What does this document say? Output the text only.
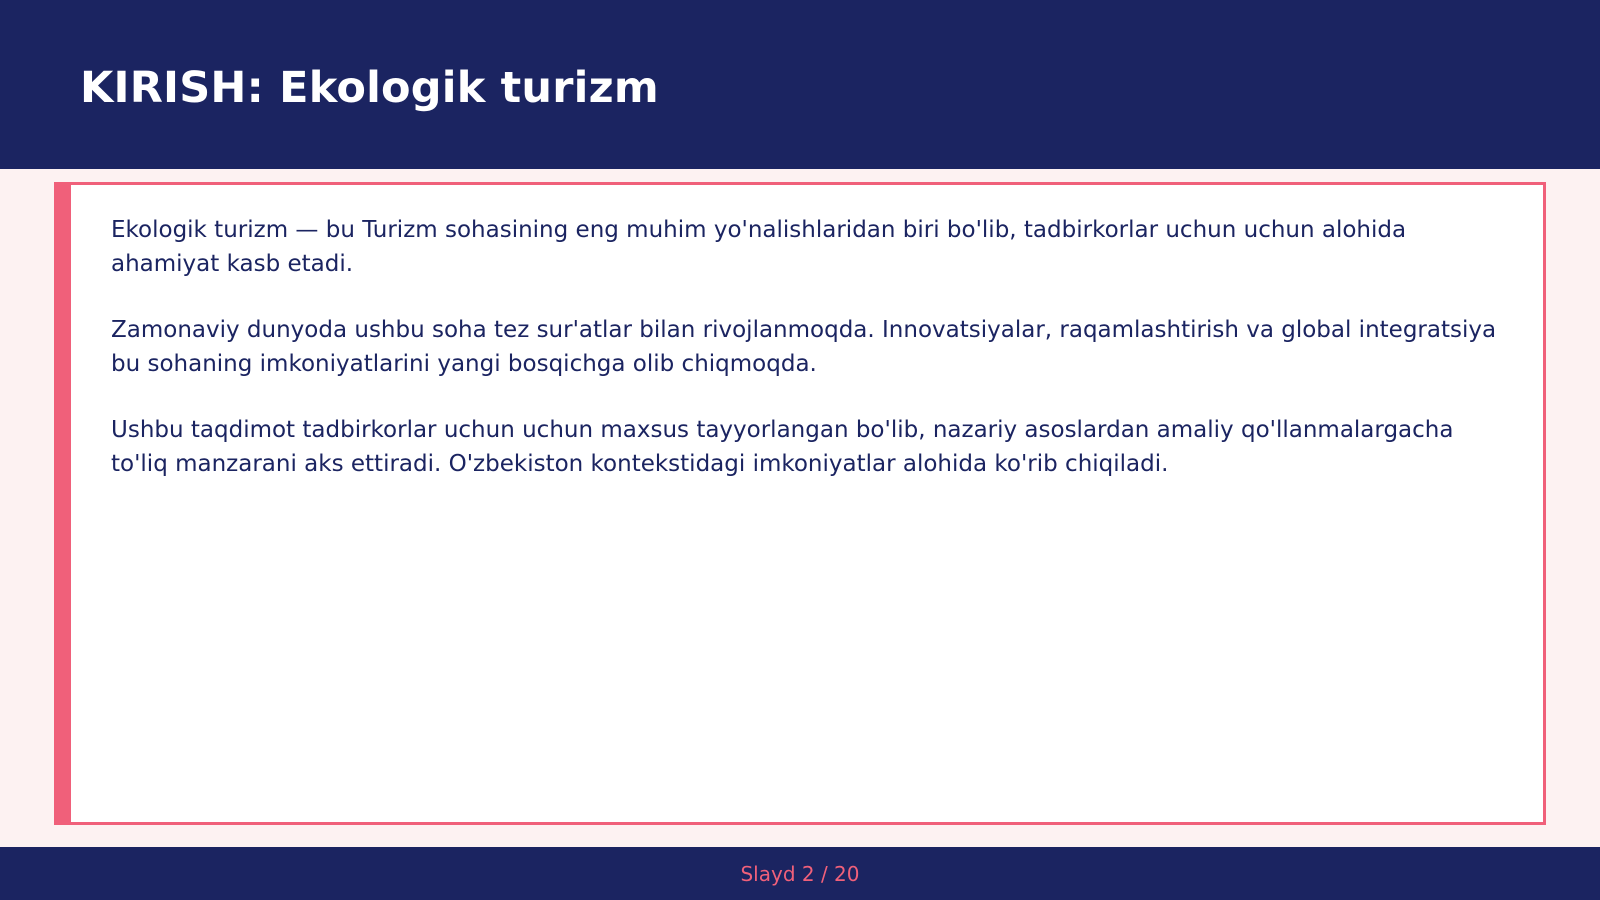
KIRISH: Ekologik turizm

Ekologik turizm — bu Turizm sohasining eng muhim yo'nalishlaridan biri bo'lib, tadbirkorlar uchun uchun alohida ahamiyat kasb etadi.

Zamonaviy dunyoda ushbu soha tez sur'atlar bilan rivojlanmoqda. Innovatsiyalar, raqamlashtirish va global integratsiya bu sohaning imkoniyatlarini yangi bosqichga olib chiqmoqda.

Ushbu taqdimot tadbirkorlar uchun uchun maxsus tayyorlangan bo'lib, nazariy asoslardan amaliy qo'llanmalargacha to'liq manzarani aks ettiradi. O'zbekiston kontekstidagi imkoniyatlar alohida ko'rib chiqiladi.

Slayd 2 / 20
